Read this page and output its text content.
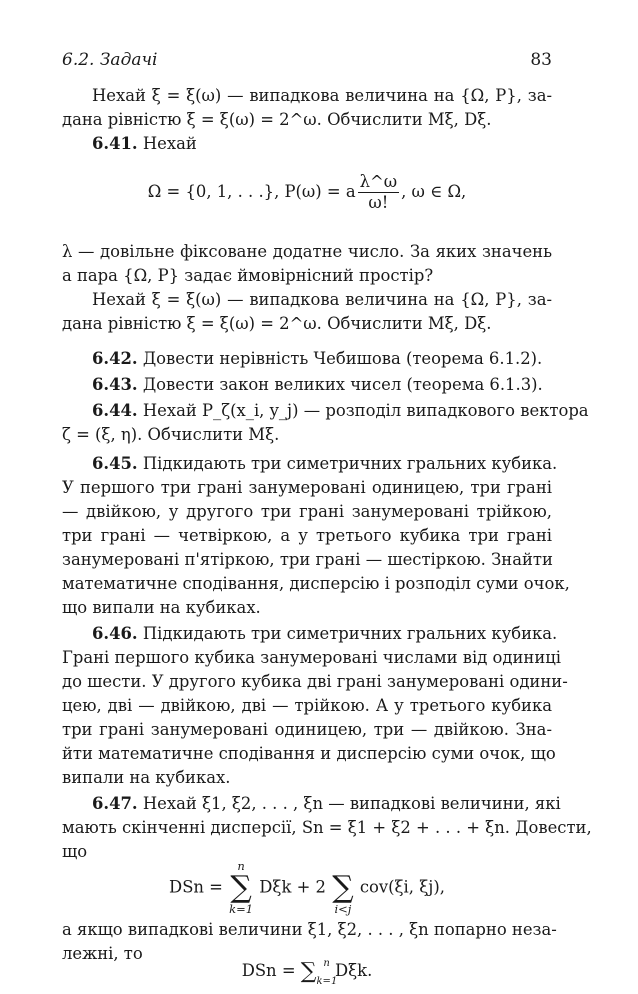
6.2. Задачі	83
Нехай ξ = ξ(ω) — випадкова величина на {Ω, P}, за-
дана рівністю ξ = ξ(ω) = 2^ω. Обчислити Mξ, Dξ.
6.41. Нехай
Ω = {0, 1, . . .}, P(ω) = a $\frac{\lambda\^{}\omega}{\omega!}$ , ω ∈ Ω,
λ — довільне фіксоване додатне число. За яких значень
a пара {Ω, P} задає ймовірнісний простір?
Нехай ξ = ξ(ω) — випадкова величина на {Ω, P}, за-
дана рівністю ξ = ξ(ω) = 2^ω. Обчислити Mξ, Dξ.
6.42. Довести нерівність Чебишова (теорема 6.1.2).
6.43. Довести закон великих чисел (теорема 6.1.3).
6.44. Нехай P_ζ(x_i, y_j) — розподіл випадкового вектора
ζ = (ξ, η). Обчислити Mξ.
6.45. Підкидають три симетричних гральних кубика.
У першого три грані занумеровані одиницею, три грані
— двійкою, у другого три грані занумеровані трійкою,
три грані — четвіркою, а у третього кубика три грані
занумеровані п'ятіркою, три грані — шестіркою. Знайти
математичне сподівання, дисперсію і розподіл суми очок,
що випали на кубиках.
6.46. Підкидають три симетричних гральних кубика.
Грані першого кубика занумеровані числами від одиниці
до шести. У другого кубика дві грані занумеровані одини-
цею, дві — двійкою, дві — трійкою. А у третього кубика
три грані занумеровані одиницею, три — двійкою. Зна-
йти математичне сподівання и дисперсію суми очок, що
випали на кубиках.
6.47. Нехай ξ1, ξ2, . . . , ξn — випадкові величини, які
мають скінченні дисперсії, Sn = ξ1 + ξ2 + . . . + ξn. Довести,
що
DSn =
n
∑
k=1
Dξk + 2
∑
i<j
cov(ξi, ξj),
а якщо випадкові величини ξ1, ξ2, . . . , ξn попарно неза-
лежні, то
DSn = $\sum_{k=1}^n$ Dξk.
